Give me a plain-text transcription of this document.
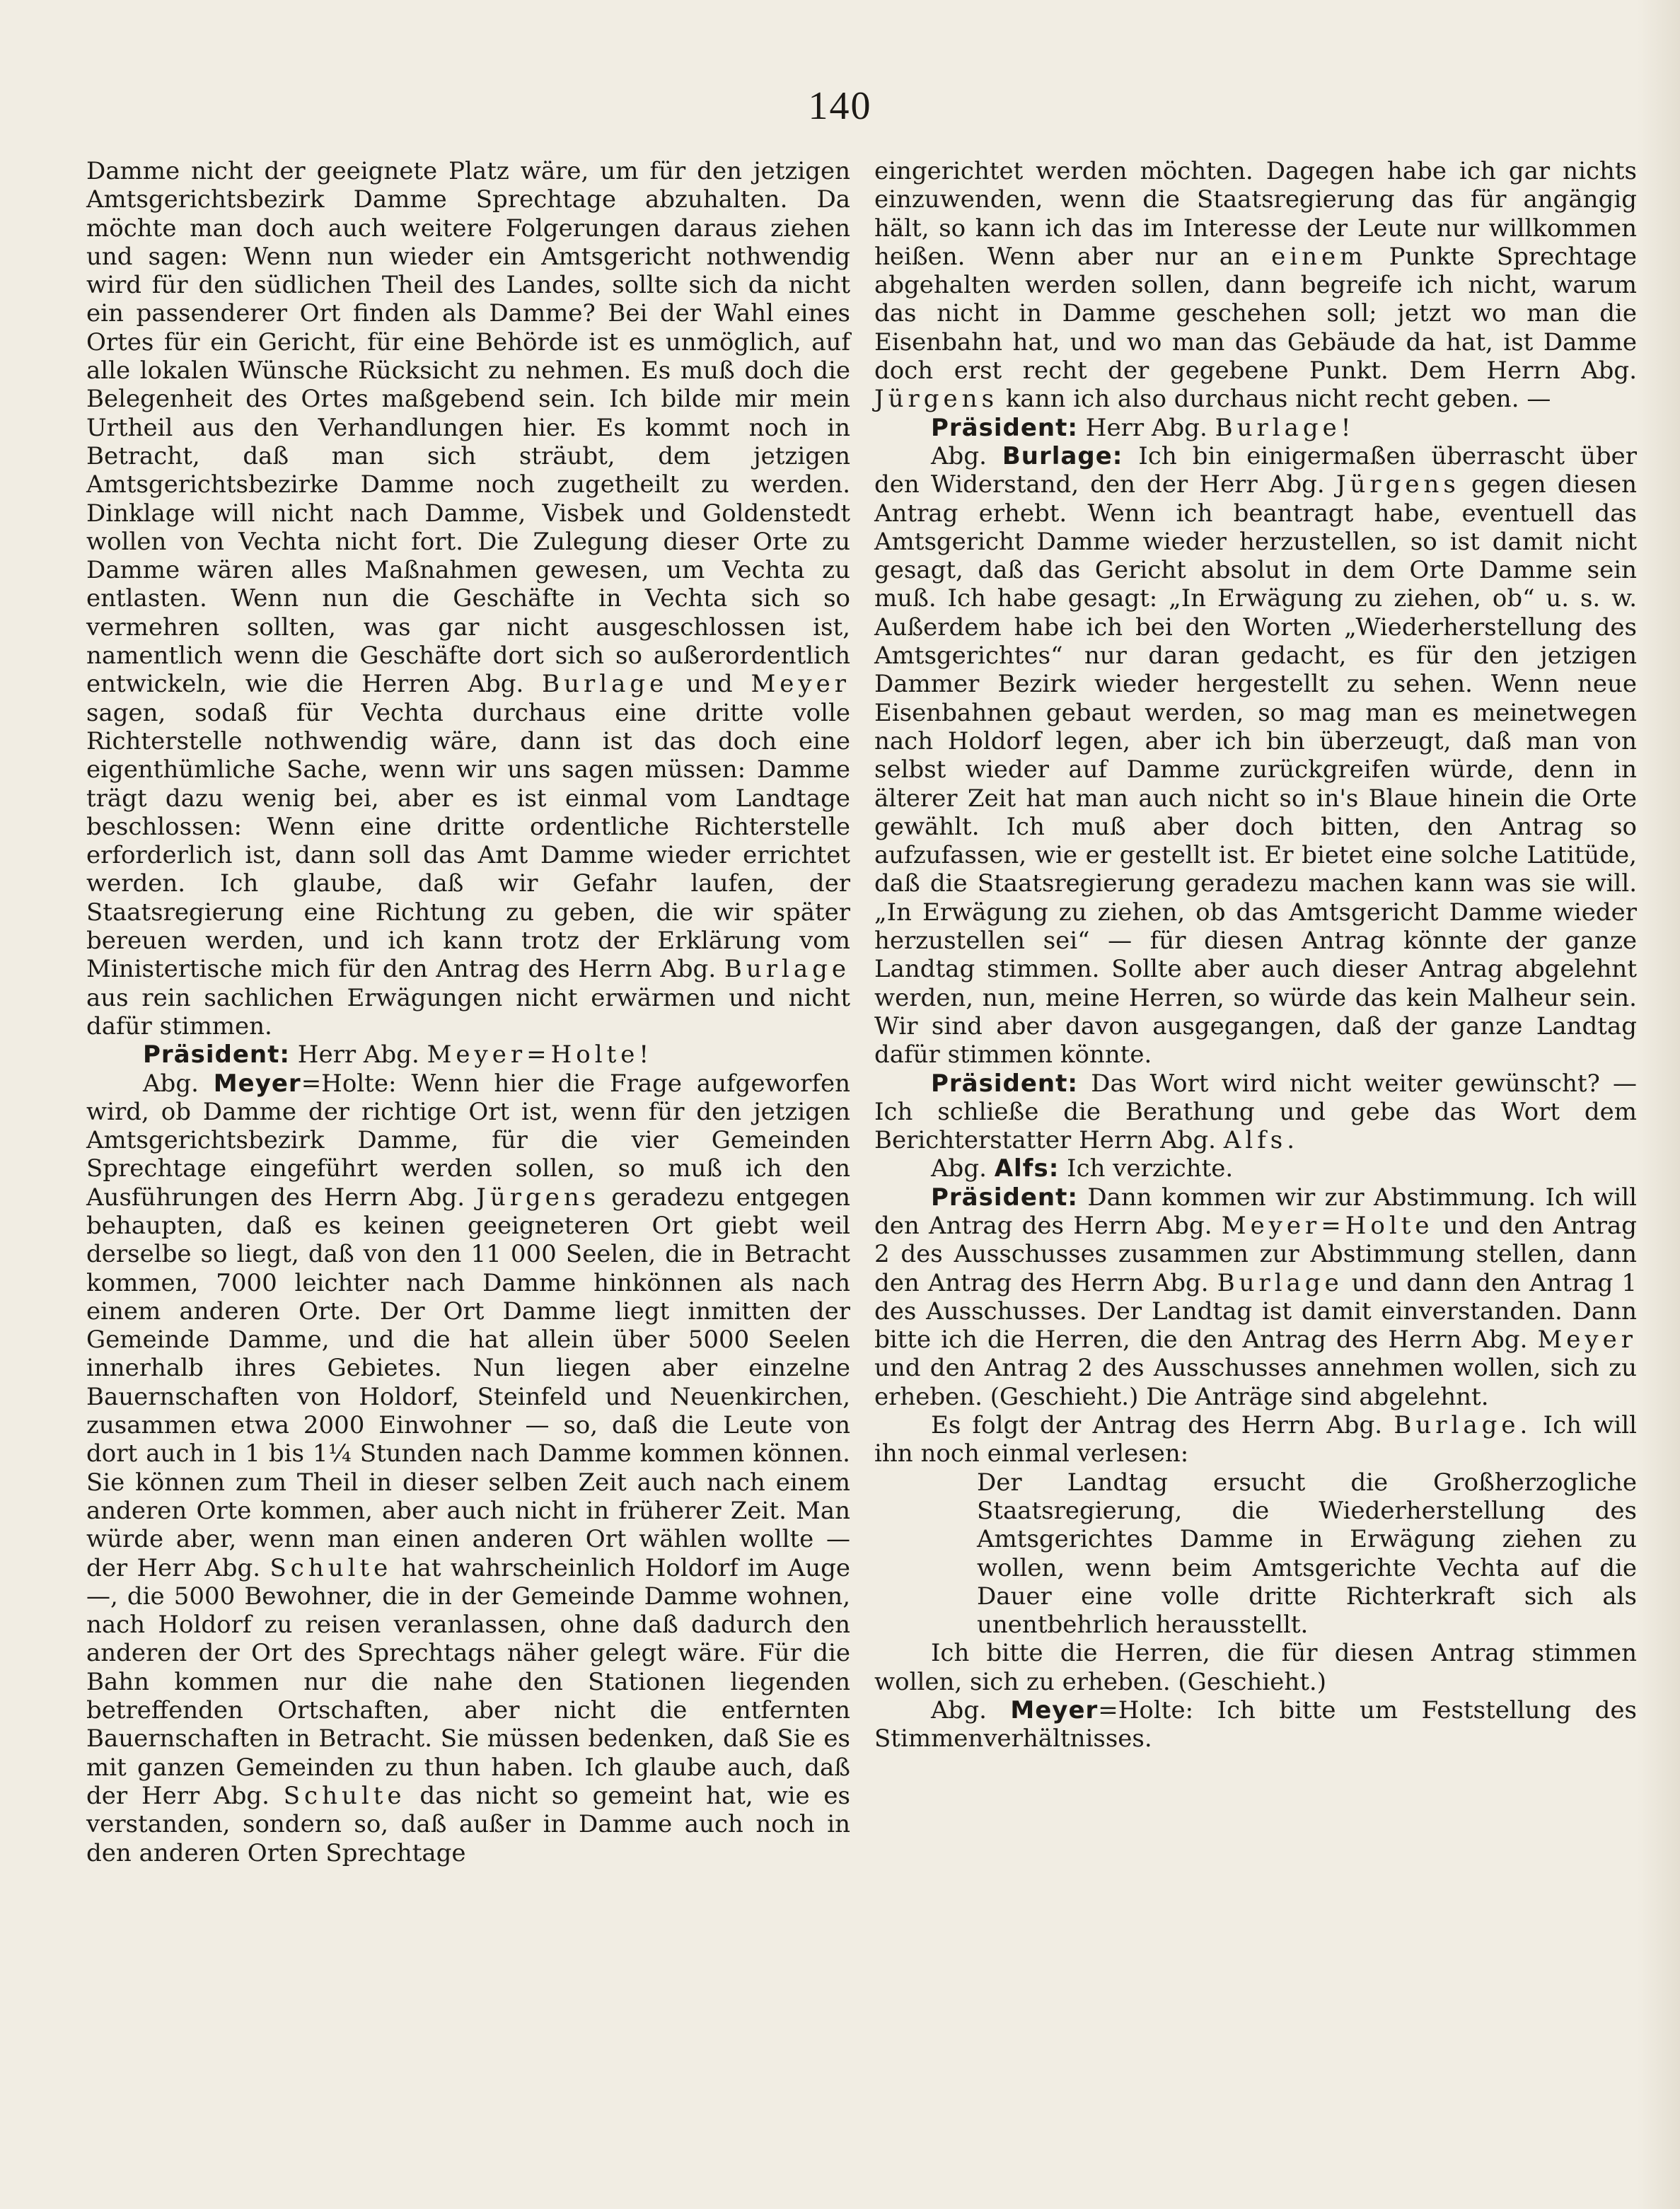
140

Damme nicht der geeignete Platz wäre, um für den jetzigen Amtsgerichtsbezirk Damme Sprechtage abzuhalten. Da möchte man doch auch weitere Folgerungen daraus ziehen und sagen: Wenn nun wieder ein Amtsgericht nothwendig wird für den südlichen Theil des Landes, sollte sich da nicht ein passenderer Ort finden als Damme? Bei der Wahl eines Ortes für ein Gericht, für eine Behörde ist es unmöglich, auf alle lokalen Wünsche Rücksicht zu nehmen. Es muß doch die Belegenheit des Ortes maßgebend sein. Ich bilde mir mein Urtheil aus den Verhandlungen hier. Es kommt noch in Betracht, daß man sich sträubt, dem jetzigen Amtsgerichtsbezirke Damme noch zugetheilt zu werden. Dinklage will nicht nach Damme, Visbek und Goldenstedt wollen von Vechta nicht fort. Die Zulegung dieser Orte zu Damme wären alles Maßnahmen gewesen, um Vechta zu entlasten. Wenn nun die Geschäfte in Vechta sich so vermehren sollten, was gar nicht ausgeschlossen ist, namentlich wenn die Geschäfte dort sich so außerordentlich entwickeln, wie die Herren Abg. Burlage und Meyer sagen, sodaß für Vechta durchaus eine dritte volle Richterstelle nothwendig wäre, dann ist das doch eine eigenthümliche Sache, wenn wir uns sagen müssen: Damme trägt dazu wenig bei, aber es ist einmal vom Landtage beschlossen: Wenn eine dritte ordentliche Richterstelle erforderlich ist, dann soll das Amt Damme wieder errichtet werden. Ich glaube, daß wir Gefahr laufen, der Staatsregierung eine Richtung zu geben, die wir später bereuen werden, und ich kann trotz der Erklärung vom Ministertische mich für den Antrag des Herrn Abg. Burlage aus rein sachlichen Erwägungen nicht erwärmen und nicht dafür stimmen.

Präsident: Herr Abg. Meyer=Holte!

Abg. Meyer=Holte: Wenn hier die Frage aufgeworfen wird, ob Damme der richtige Ort ist, wenn für den jetzigen Amtsgerichtsbezirk Damme, für die vier Gemeinden Sprechtage eingeführt werden sollen, so muß ich den Ausführungen des Herrn Abg. Jürgens geradezu entgegen behaupten, daß es keinen geeigneteren Ort giebt weil derselbe so liegt, daß von den 11 000 Seelen, die in Betracht kommen, 7000 leichter nach Damme hinkönnen als nach einem anderen Orte. Der Ort Damme liegt inmitten der Gemeinde Damme, und die hat allein über 5000 Seelen innerhalb ihres Gebietes. Nun liegen aber einzelne Bauernschaften von Holdorf, Steinfeld und Neuenkirchen, zusammen etwa 2000 Einwohner — so, daß die Leute von dort auch in 1 bis 1¼ Stunden nach Damme kommen können. Sie können zum Theil in dieser selben Zeit auch nach einem anderen Orte kommen, aber auch nicht in früherer Zeit. Man würde aber, wenn man einen anderen Ort wählen wollte — der Herr Abg. Schulte hat wahrscheinlich Holdorf im Auge —, die 5000 Bewohner, die in der Gemeinde Damme wohnen, nach Holdorf zu reisen veranlassen, ohne daß dadurch den anderen der Ort des Sprechtags näher gelegt wäre. Für die Bahn kommen nur die nahe den Stationen liegenden betreffenden Ortschaften, aber nicht die entfernten Bauernschaften in Betracht. Sie müssen bedenken, daß Sie es mit ganzen Gemeinden zu thun haben. Ich glaube auch, daß der Herr Abg. Schulte das nicht so gemeint hat, wie es verstanden, sondern so, daß außer in Damme auch noch in den anderen Orten Sprechtage

eingerichtet werden möchten. Dagegen habe ich gar nichts einzuwenden, wenn die Staatsregierung das für angängig hält, so kann ich das im Interesse der Leute nur willkommen heißen. Wenn aber nur an einem Punkte Sprechtage abgehalten werden sollen, dann begreife ich nicht, warum das nicht in Damme geschehen soll; jetzt wo man die Eisenbahn hat, und wo man das Gebäude da hat, ist Damme doch erst recht der gegebene Punkt. Dem Herrn Abg. Jürgens kann ich also durchaus nicht recht geben. —

Präsident: Herr Abg. Burlage!

Abg. Burlage: Ich bin einigermaßen überrascht über den Widerstand, den der Herr Abg. Jürgens gegen diesen Antrag erhebt. Wenn ich beantragt habe, eventuell das Amtsgericht Damme wieder herzustellen, so ist damit nicht gesagt, daß das Gericht absolut in dem Orte Damme sein muß. Ich habe gesagt: „In Erwägung zu ziehen, ob“ u. s. w. Außerdem habe ich bei den Worten „Wiederherstellung des Amtsgerichtes“ nur daran gedacht, es für den jetzigen Dammer Bezirk wieder hergestellt zu sehen. Wenn neue Eisenbahnen gebaut werden, so mag man es meinetwegen nach Holdorf legen, aber ich bin überzeugt, daß man von selbst wieder auf Damme zurückgreifen würde, denn in älterer Zeit hat man auch nicht so in's Blaue hinein die Orte gewählt. Ich muß aber doch bitten, den Antrag so aufzufassen, wie er gestellt ist. Er bietet eine solche Latitüde, daß die Staatsregierung geradezu machen kann was sie will. „In Erwägung zu ziehen, ob das Amtsgericht Damme wieder herzustellen sei“ — für diesen Antrag könnte der ganze Landtag stimmen. Sollte aber auch dieser Antrag abgelehnt werden, nun, meine Herren, so würde das kein Malheur sein. Wir sind aber davon ausgegangen, daß der ganze Landtag dafür stimmen könnte.

Präsident: Das Wort wird nicht weiter gewünscht? — Ich schließe die Berathung und gebe das Wort dem Berichterstatter Herrn Abg. Alfs.

Abg. Alfs: Ich verzichte.

Präsident: Dann kommen wir zur Abstimmung. Ich will den Antrag des Herrn Abg. Meyer=Holte und den Antrag 2 des Ausschusses zusammen zur Abstimmung stellen, dann den Antrag des Herrn Abg. Burlage und dann den Antrag 1 des Ausschusses. Der Landtag ist damit einverstanden. Dann bitte ich die Herren, die den Antrag des Herrn Abg. Meyer und den Antrag 2 des Ausschusses annehmen wollen, sich zu erheben. (Geschieht.) Die Anträge sind abgelehnt.

Es folgt der Antrag des Herrn Abg. Burlage. Ich will ihn noch einmal verlesen:

Der Landtag ersucht die Großherzogliche Staatsregierung, die Wiederherstellung des Amtsgerichtes Damme in Erwägung ziehen zu wollen, wenn beim Amtsgerichte Vechta auf die Dauer eine volle dritte Richterkraft sich als unentbehrlich herausstellt.

Ich bitte die Herren, die für diesen Antrag stimmen wollen, sich zu erheben. (Geschieht.)

Abg. Meyer=Holte: Ich bitte um Feststellung des Stimmenverhältnisses.
